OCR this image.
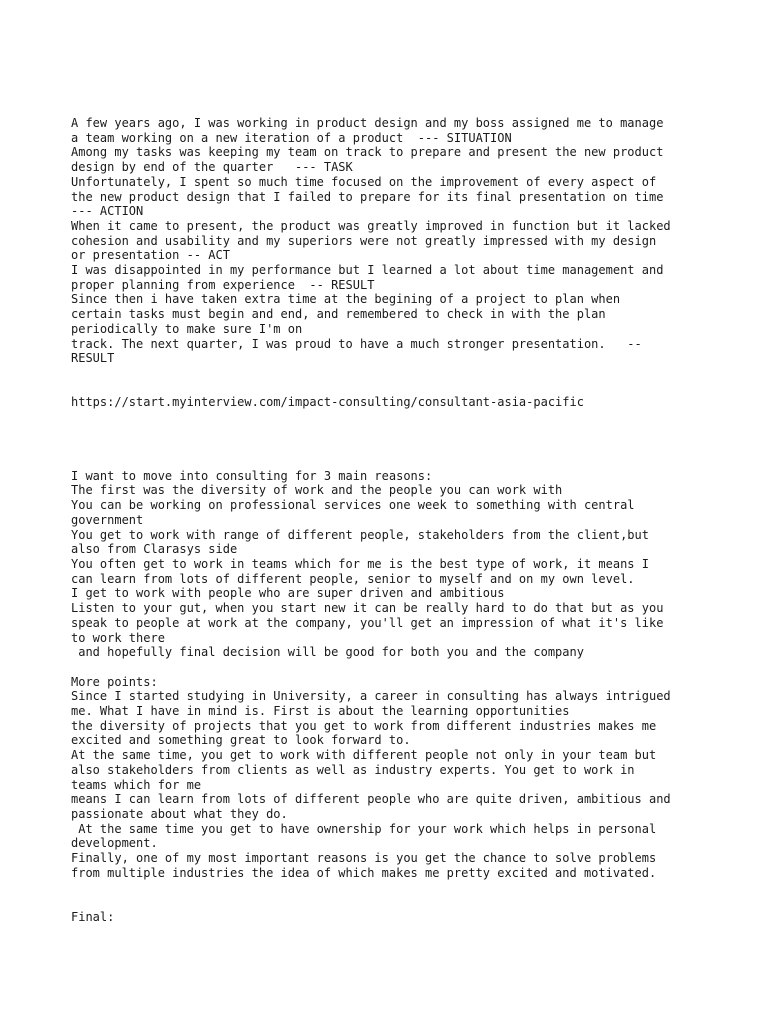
A few years ago, I was working in product design and my boss assigned me to manage
a team working on a new iteration of a product  --- SITUATION
Among my tasks was keeping my team on track to prepare and present the new product
design by end of the quarter   --- TASK
Unfortunately, I spent so much time focused on the improvement of every aspect of
the new product design that I failed to prepare for its final presentation on time
--- ACTION
When it came to present, the product was greatly improved in function but it lacked
cohesion and usability and my superiors were not greatly impressed with my design
or presentation -- ACT
I was disappointed in my performance but I learned a lot about time management and
proper planning from experience  -- RESULT
Since then i have taken extra time at the begining of a project to plan when
certain tasks must begin and end, and remembered to check in with the plan
periodically to make sure I'm on
track. The next quarter, I was proud to have a much stronger presentation.   --
RESULT
https://start.myinterview.com/impact-consulting/consultant-asia-pacific
I want to move into consulting for 3 main reasons:
The first was the diversity of work and the people you can work with
You can be working on professional services one week to something with central
government
You get to work with range of different people, stakeholders from the client,but
also from Clarasys side
You often get to work in teams which for me is the best type of work, it means I
can learn from lots of different people, senior to myself and on my own level.
I get to work with people who are super driven and ambitious
Listen to your gut, when you start new it can be really hard to do that but as you
speak to people at work at the company, you'll get an impression of what it's like
to work there
and hopefully final decision will be good for both you and the company
More points:
Since I started studying in University, a career in consulting has always intrigued
me. What I have in mind is. First is about the learning opportunities
the diversity of projects that you get to work from different industries makes me
excited and something great to look forward to.
At the same time, you get to work with different people not only in your team but
also stakeholders from clients as well as industry experts. You get to work in
teams which for me
means I can learn from lots of different people who are quite driven, ambitious and
passionate about what they do.
At the same time you get to have ownership for your work which helps in personal
development.
Finally, one of my most important reasons is you get the chance to solve problems
from multiple industries the idea of which makes me pretty excited and motivated.
Final:
